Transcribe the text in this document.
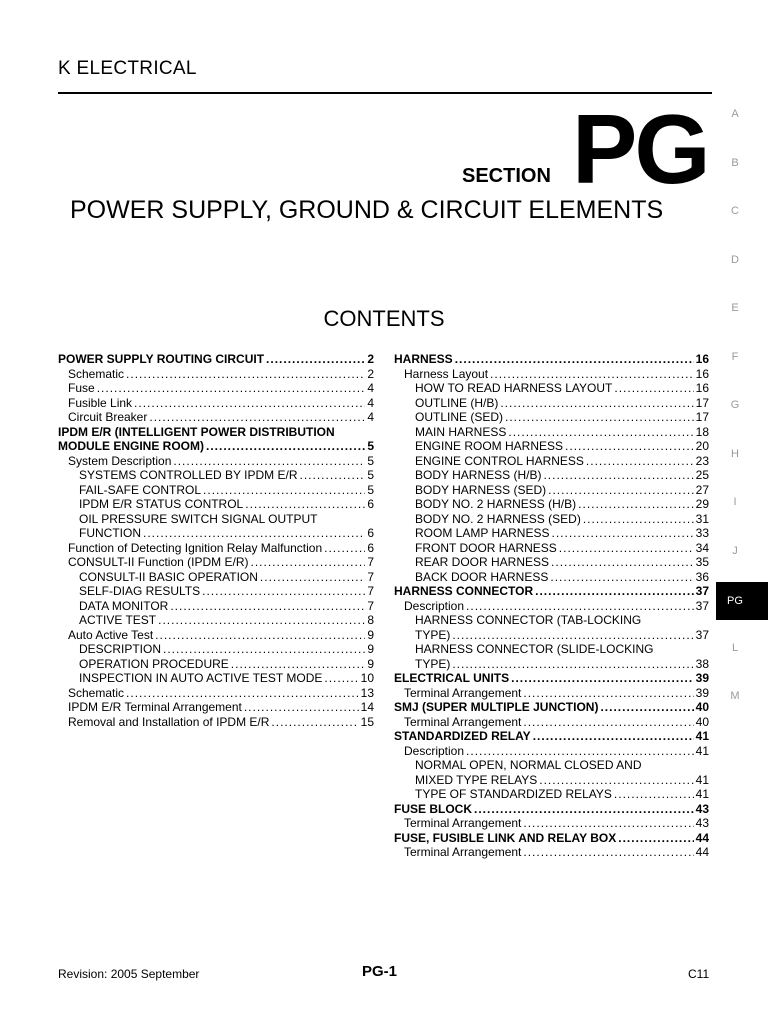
K ELECTRICAL
SECTION PG
POWER SUPPLY, GROUND & CIRCUIT ELEMENTS
CONTENTS
POWER SUPPLY ROUTING CIRCUIT .....	2
Schematic .....	2
Fuse .....	4
Fusible Link .....	4
Circuit Breaker .....	4
IPDM E/R (INTELLIGENT POWER DISTRIBUTION
MODULE ENGINE ROOM) .....	5
System Description .....	5
SYSTEMS CONTROLLED BY IPDM E/R .....	5
FAIL-SAFE CONTROL .....	5
IPDM E/R STATUS CONTROL .....	6
OIL PRESSURE SWITCH SIGNAL OUTPUT
FUNCTION .....	6
Function of Detecting Ignition Relay Malfunction .....	6
CONSULT-II Function (IPDM E/R) .....	7
CONSULT-II BASIC OPERATION .....	7
SELF-DIAG RESULTS .....	7
DATA MONITOR .....	7
ACTIVE TEST .....	8
Auto Active Test .....	9
DESCRIPTION .....	9
OPERATION PROCEDURE .....	9
INSPECTION IN AUTO ACTIVE TEST MODE .....	10
Schematic .....	13
IPDM E/R Terminal Arrangement .....	14
Removal and Installation of IPDM E/R .....	15
HARNESS .....	16
Harness Layout .....	16
HOW TO READ HARNESS LAYOUT .....	16
OUTLINE (H/B) .....	17
OUTLINE (SED) .....	17
MAIN HARNESS .....	18
ENGINE ROOM HARNESS .....	20
ENGINE CONTROL HARNESS .....	23
BODY HARNESS (H/B) .....	25
BODY HARNESS (SED) .....	27
BODY NO. 2 HARNESS (H/B) .....	29
BODY NO. 2 HARNESS (SED) .....	31
ROOM LAMP HARNESS .....	33
FRONT DOOR HARNESS .....	34
REAR DOOR HARNESS .....	35
BACK DOOR HARNESS .....	36
HARNESS CONNECTOR .....	37
Description .....	37
HARNESS CONNECTOR (TAB-LOCKING
TYPE) .....	37
HARNESS CONNECTOR (SLIDE-LOCKING
TYPE) .....	38
ELECTRICAL UNITS .....	39
Terminal Arrangement .....	39
SMJ (SUPER MULTIPLE JUNCTION) .....	40
Terminal Arrangement .....	40
STANDARDIZED RELAY .....	41
Description .....	41
NORMAL OPEN, NORMAL CLOSED AND
MIXED TYPE RELAYS .....	41
TYPE OF STANDARDIZED RELAYS .....	41
FUSE BLOCK .....	43
Terminal Arrangement .....	43
FUSE, FUSIBLE LINK AND RELAY BOX .....	44
Terminal Arrangement .....	44
A
B
C
D
E
F
G
H
I
J
L
M
PG
Revision: 2005 September	PG-1	C11
